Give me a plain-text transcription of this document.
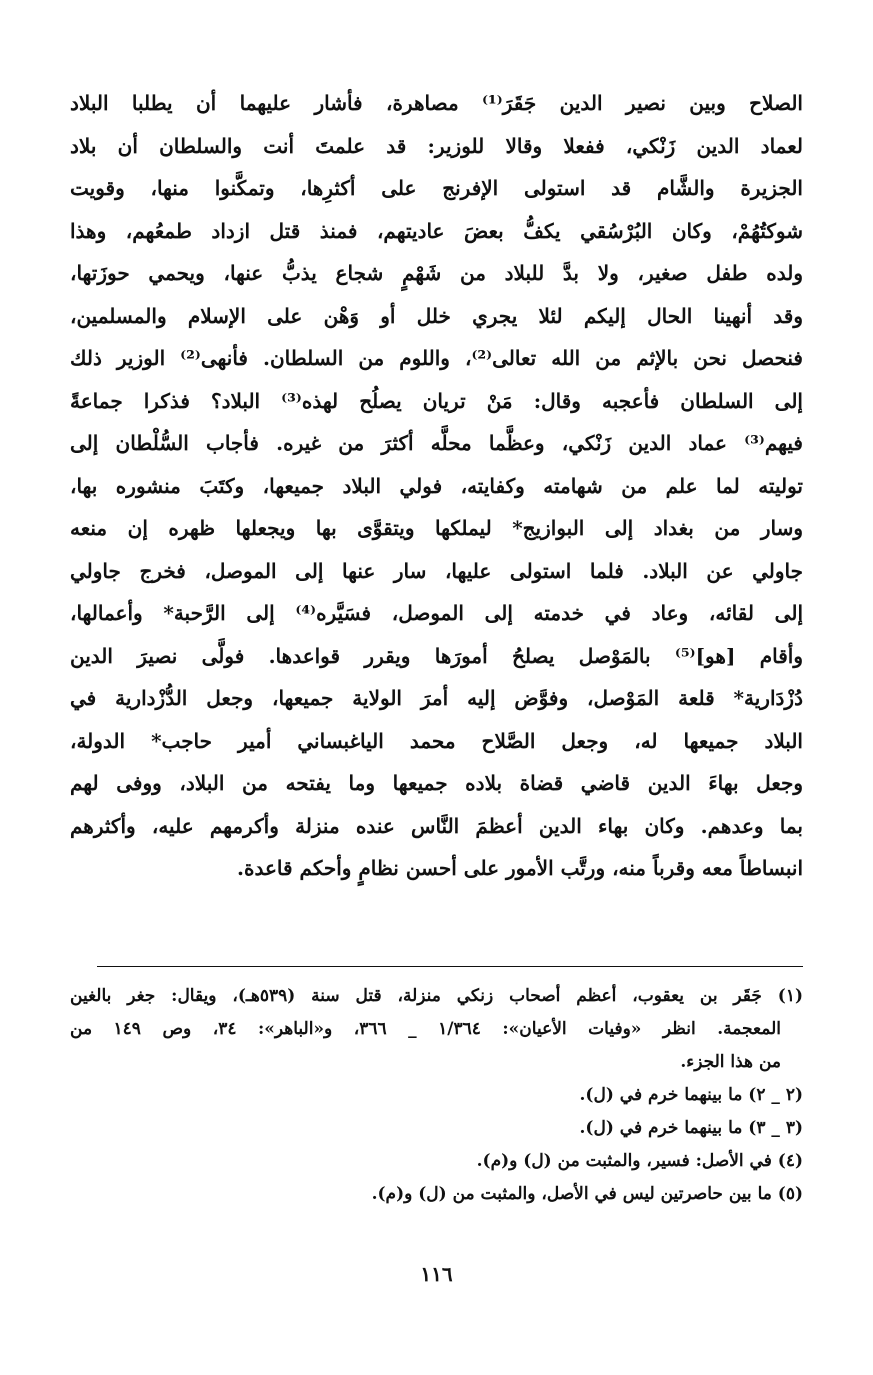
الصلاح وبين نصير الدين جَقَرَ⁽¹⁾ مصاهرة، فأشار عليهما أن يطلبا البلاد
لعماد الدين زَنْكي، ففعلا وقالا للوزير: قد علمتَ أنت والسلطان أن بلاد
الجزيرة والشَّام قد استولى الإفرنج على أكثرِها، وتمكَّنوا منها، وقويت
شوكتُهُمْ، وكان البُرْسُقي يكفُّ بعضَ عاديتهم، فمنذ قتل ازداد طمعُهم، وهذا
ولده طفل صغير، ولا بدَّ للبلاد من شَهْمٍ شجاع يذبُّ عنها، ويحمي حوزَتها،
وقد أنهينا الحال إليكم لئلا يجري خلل أو وَهْن على الإسلام والمسلمين،
فنحصل نحن بالإثم من الله تعالى⁽²⁾، واللوم من السلطان. فأنهى⁽²⁾ الوزير ذلك
إلى السلطان فأعجبه وقال: مَنْ تريان يصلُح لهذه⁽³⁾ البلاد؟ فذكرا جماعةً
فيهم⁽³⁾ عماد الدين زَنْكي، وعظَّما محلَّه أكثرَ من غيره. فأجاب السُّلْطان إلى
توليته لما علم من شهامته وكفايته، فولي البلاد جميعها، وكتَبَ منشوره بها،
وسار من بغداد إلى البوازيج* ليملكها ويتقوَّى بها ويجعلها ظهره إن منعه
جاولي عن البلاد. فلما استولى عليها، سار عنها إلى الموصل، فخرج جاولي
إلى لقائه، وعاد في خدمته إلى الموصل، فسَيَّره⁽⁴⁾ إلى الرَّحبة* وأعمالها،
وأقام [هو]⁽⁵⁾ بالمَوْصل يصلحُ أمورَها ويقرر قواعدها. فولَّى نصيرَ الدين
دُزْدَارية* قلعة المَوْصل، وفوَّض إليه أمرَ الولاية جميعها، وجعل الدُّزْدارية في
البلاد جميعها له، وجعل الصَّلاح محمد الياغبساني أمير حاجب* الدولة،
وجعل بهاءَ الدين قاضي قضاة بلاده جميعها وما يفتحه من البلاد، ووفى لهم
بما وعدهم. وكان بهاء الدين أعظمَ النَّاس عنده منزلة وأكرمهم عليه، وأكثرهم
انبساطاً معه وقرباً منه، ورتَّب الأمور على أحسن نظامٍ وأحكم قاعدة.
(١) جَقَر بن يعقوب، أعظم أصحاب زنكي منزلة، قتل سنة (٥٣٩هـ)، ويقال: جغر بالغين
المعجمة. انظر «وفيات الأعيان»: ١/٣٦٤ _ ٣٦٦، و«الباهر»: ٣٤، وص ١٤٩ من
من هذا الجزء.
(٢ _ ٢) ما بينهما خرم في (ل).
(٣ _ ٣) ما بينهما خرم في (ل).
(٤) في الأصل: فسير، والمثبت من (ل) و(م).
(٥) ما بين حاصرتين ليس في الأصل، والمثبت من (ل) و(م).
١١٦
